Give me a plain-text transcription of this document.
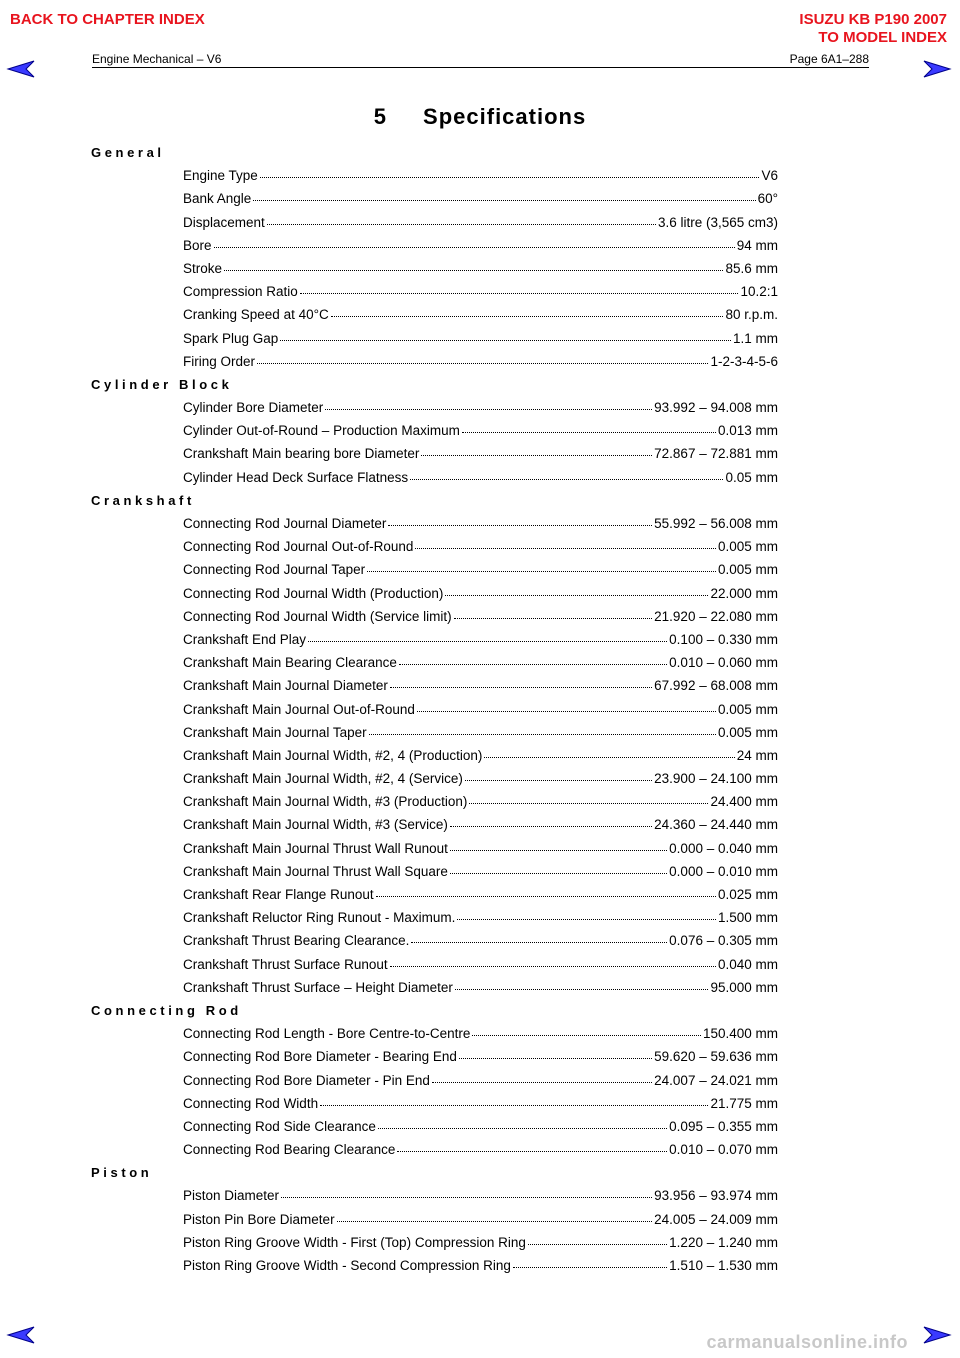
BACK TO CHAPTER INDEX	ISUZU KB P190 2007
TO MODEL INDEX
Engine Mechanical – V6	Page 6A1–288
5 Specifications
General
Engine Type	V6
Bank Angle	60°
Displacement	3.6 litre (3,565 cm3)
Bore	94 mm
Stroke	85.6 mm
Compression Ratio	10.2:1
Cranking Speed at 40°C	80 r.p.m.
Spark Plug Gap	1.1 mm
Firing Order	1-2-3-4-5-6
Cylinder Block
Cylinder Bore Diameter	93.992 – 94.008 mm
Cylinder Out-of-Round – Production Maximum	0.013 mm
Crankshaft Main bearing bore Diameter	72.867 – 72.881 mm
Cylinder Head Deck Surface Flatness	0.05 mm
Crankshaft
Connecting Rod Journal Diameter	55.992 – 56.008 mm
Connecting Rod Journal Out-of-Round	0.005 mm
Connecting Rod Journal Taper	0.005 mm
Connecting Rod Journal Width (Production)	22.000 mm
Connecting Rod Journal Width (Service limit)	21.920 – 22.080 mm
Crankshaft End Play	0.100 – 0.330 mm
Crankshaft Main Bearing Clearance	0.010 – 0.060 mm
Crankshaft Main Journal Diameter	67.992 – 68.008 mm
Crankshaft Main Journal Out-of-Round	0.005 mm
Crankshaft Main Journal Taper	0.005 mm
Crankshaft Main Journal Width, #2, 4 (Production)	24 mm
Crankshaft Main Journal Width, #2, 4 (Service)	23.900 – 24.100 mm
Crankshaft Main Journal Width, #3 (Production)	24.400 mm
Crankshaft Main Journal Width, #3 (Service)	24.360 – 24.440 mm
Crankshaft Main Journal Thrust Wall Runout	0.000 – 0.040 mm
Crankshaft Main Journal Thrust Wall Square	0.000 – 0.010 mm
Crankshaft Rear Flange Runout	0.025 mm
Crankshaft Reluctor Ring Runout - Maximum.	1.500 mm
Crankshaft Thrust Bearing Clearance.	0.076 – 0.305 mm
Crankshaft Thrust Surface Runout	0.040 mm
Crankshaft Thrust Surface – Height Diameter	95.000 mm
Connecting Rod
Connecting Rod Length - Bore Centre-to-Centre	150.400 mm
Connecting Rod Bore Diameter - Bearing End	59.620 – 59.636 mm
Connecting Rod Bore Diameter - Pin End	24.007 – 24.021 mm
Connecting Rod Width	21.775 mm
Connecting Rod Side Clearance	0.095 – 0.355 mm
Connecting Rod Bearing Clearance	0.010 – 0.070 mm
Piston
Piston Diameter	93.956 – 93.974 mm
Piston Pin Bore Diameter	24.005 – 24.009 mm
Piston Ring Groove Width - First (Top) Compression Ring	1.220 – 1.240 mm
Piston Ring Groove Width - Second Compression Ring	1.510 – 1.530 mm
carmanualsonline.info
